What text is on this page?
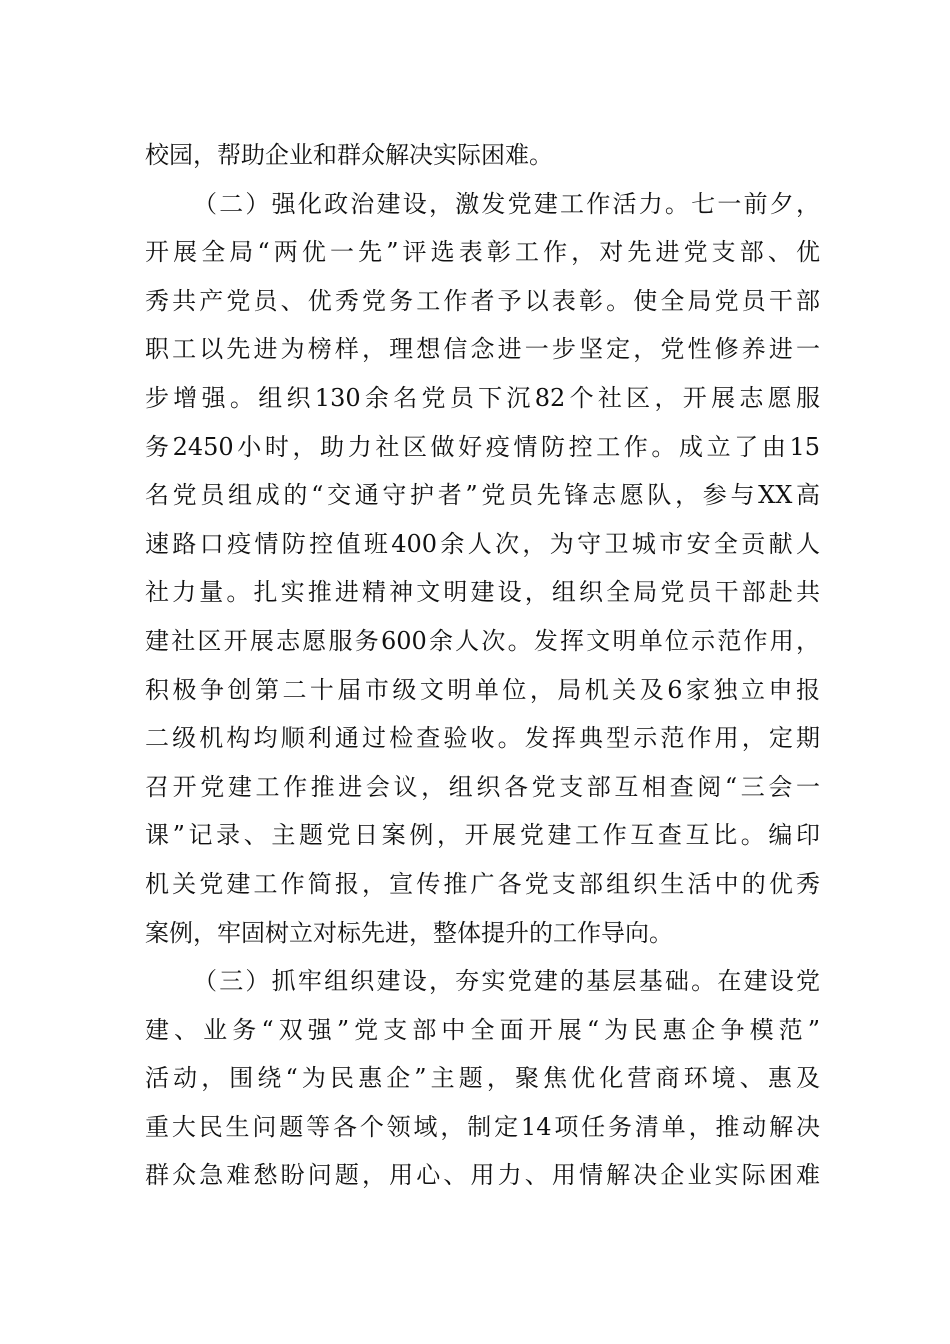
校园，帮助企业和群众解决实际困难。
（二）强化政治建设，激发党建工作活力。七一前夕，
开展全局“两优一先”评选表彰工作，对先进党支部、优
秀共产党员、优秀党务工作者予以表彰。使全局党员干部
职工以先进为榜样，理想信念进一步坚定，党性修养进一
步增强。组织130余名党员下沉82个社区，开展志愿服
务2450小时，助力社区做好疫情防控工作。成立了由15
名党员组成的“交通守护者”党员先锋志愿队，参与XX高
速路口疫情防控值班400余人次，为守卫城市安全贡献人
社力量。扎实推进精神文明建设，组织全局党员干部赴共
建社区开展志愿服务600余人次。发挥文明单位示范作用，
积极争创第二十届市级文明单位，局机关及6家独立申报
二级机构均顺利通过检查验收。发挥典型示范作用，定期
召开党建工作推进会议，组织各党支部互相查阅“三会一
课”记录、主题党日案例，开展党建工作互查互比。编印
机关党建工作简报，宣传推广各党支部组织生活中的优秀
案例，牢固树立对标先进，整体提升的工作导向。
（三）抓牢组织建设，夯实党建的基层基础。在建设党
建、业务“双强”党支部中全面开展“为民惠企争模范”
活动，围绕“为民惠企”主题，聚焦优化营商环境、惠及
重大民生问题等各个领域，制定14项任务清单，推动解决
群众急难愁盼问题，用心、用力、用情解决企业实际困难
